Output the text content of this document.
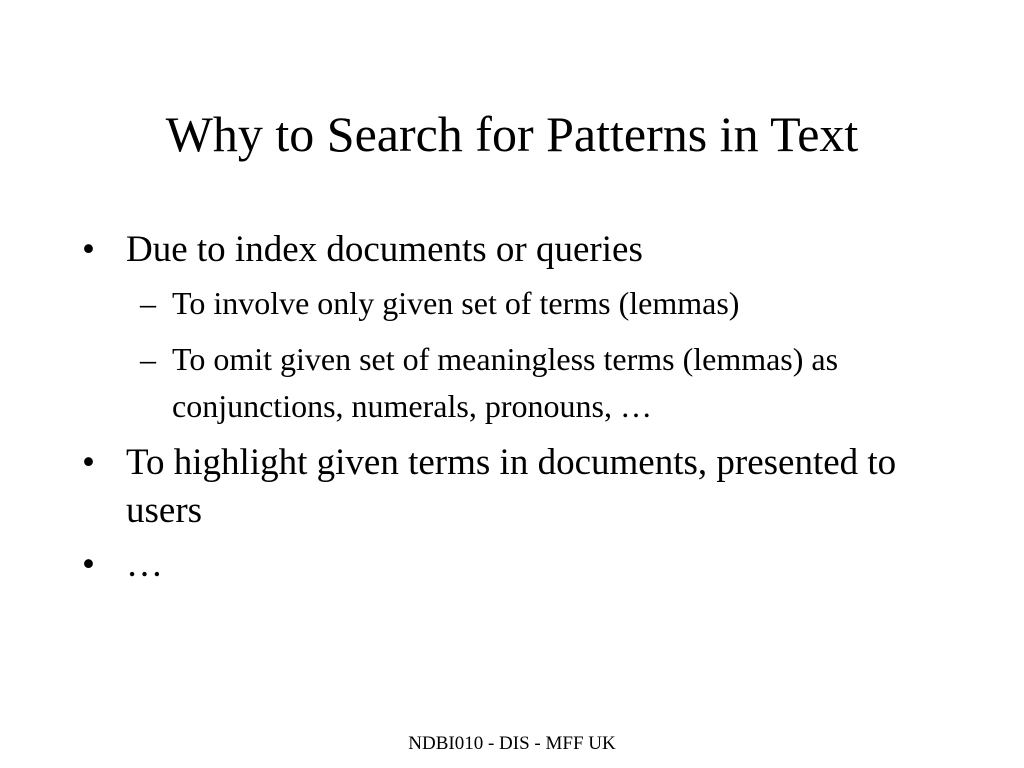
Why to Search for Patterns in Text
• Due to index documents or queries
– To involve only given set of terms (lemmas)
– To omit given set of meaningless terms (lemmas) as conjunctions, numerals, pronouns, …
• To highlight given terms in documents, presented to users
• …
NDBI010 - DIS - MFF UK
